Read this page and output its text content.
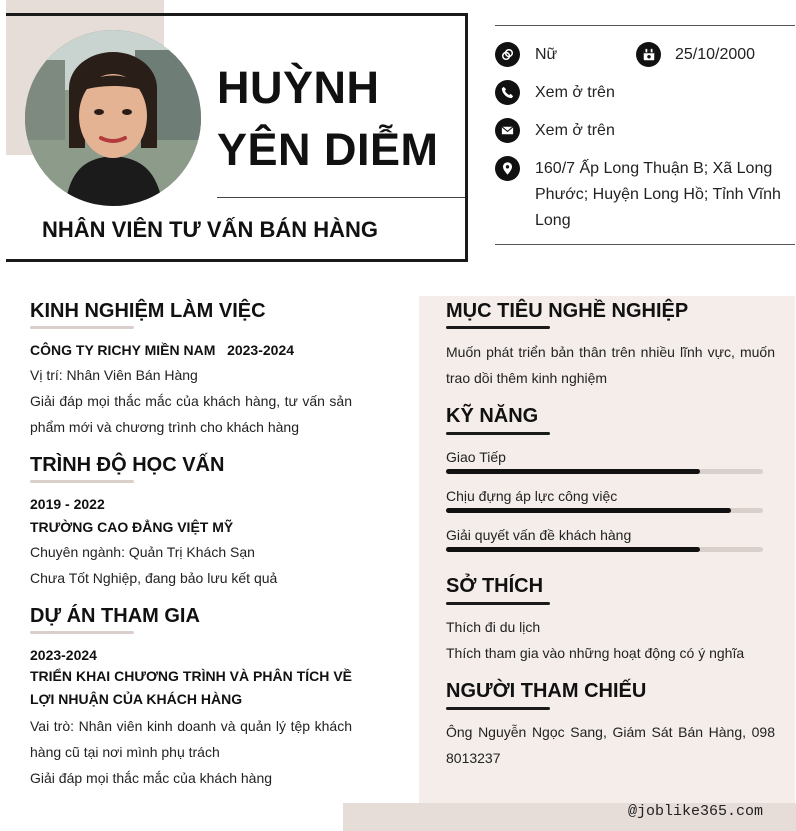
HUỲNH
YÊN DIỄM
NHÂN VIÊN TƯ VẤN BÁN HÀNG
Nữ	25/10/2000
Xem ở trên
Xem ở trên
160/7 Ấp Long Thuận B; Xã Long Phước; Huyện Long Hồ; Tỉnh Vĩnh Long
@joblike365.com
KINH NGHIỆM LÀM VIỆC
CÔNG TY RICHY MIỀN NAM 2023-2024
Vị trí: Nhân Viên Bán Hàng
Giải đáp mọi thắc mắc của khách hàng, tư vấn sản phẩm mới và chương trình cho khách hàng
TRÌNH ĐỘ HỌC VẤN
2019 - 2022
TRƯỜNG CAO ĐẲNG VIỆT MỸ
Chuyên ngành: Quản Trị Khách Sạn
Chưa Tốt Nghiệp, đang bảo lưu kết quả
DỰ ÁN THAM GIA
2023-2024
TRIỂN KHAI CHƯƠNG TRÌNH VÀ PHÂN TÍCH VỀ LỢI NHUẬN CỦA KHÁCH HÀNG
Vai trò: Nhân viên kinh doanh và quản lý tệp khách hàng cũ tại nơi mình phụ trách
Giải đáp mọi thắc mắc của khách hàng
MỤC TIÊU NGHỀ NGHIỆP
Muốn phát triển bản thân trên nhiều lĩnh vực, muốn trao dồi thêm kinh nghiệm
KỸ NĂNG
Giao Tiếp
Chịu đựng áp lực công việc
Giải quyết vấn đề khách hàng
SỞ THÍCH
Thích đi du lịch
Thích tham gia vào những hoạt động có ý nghĩa
NGƯỜI THAM CHIẾU
Ông Nguyễn Ngọc Sang, Giám Sát Bán Hàng, 098 8013237
